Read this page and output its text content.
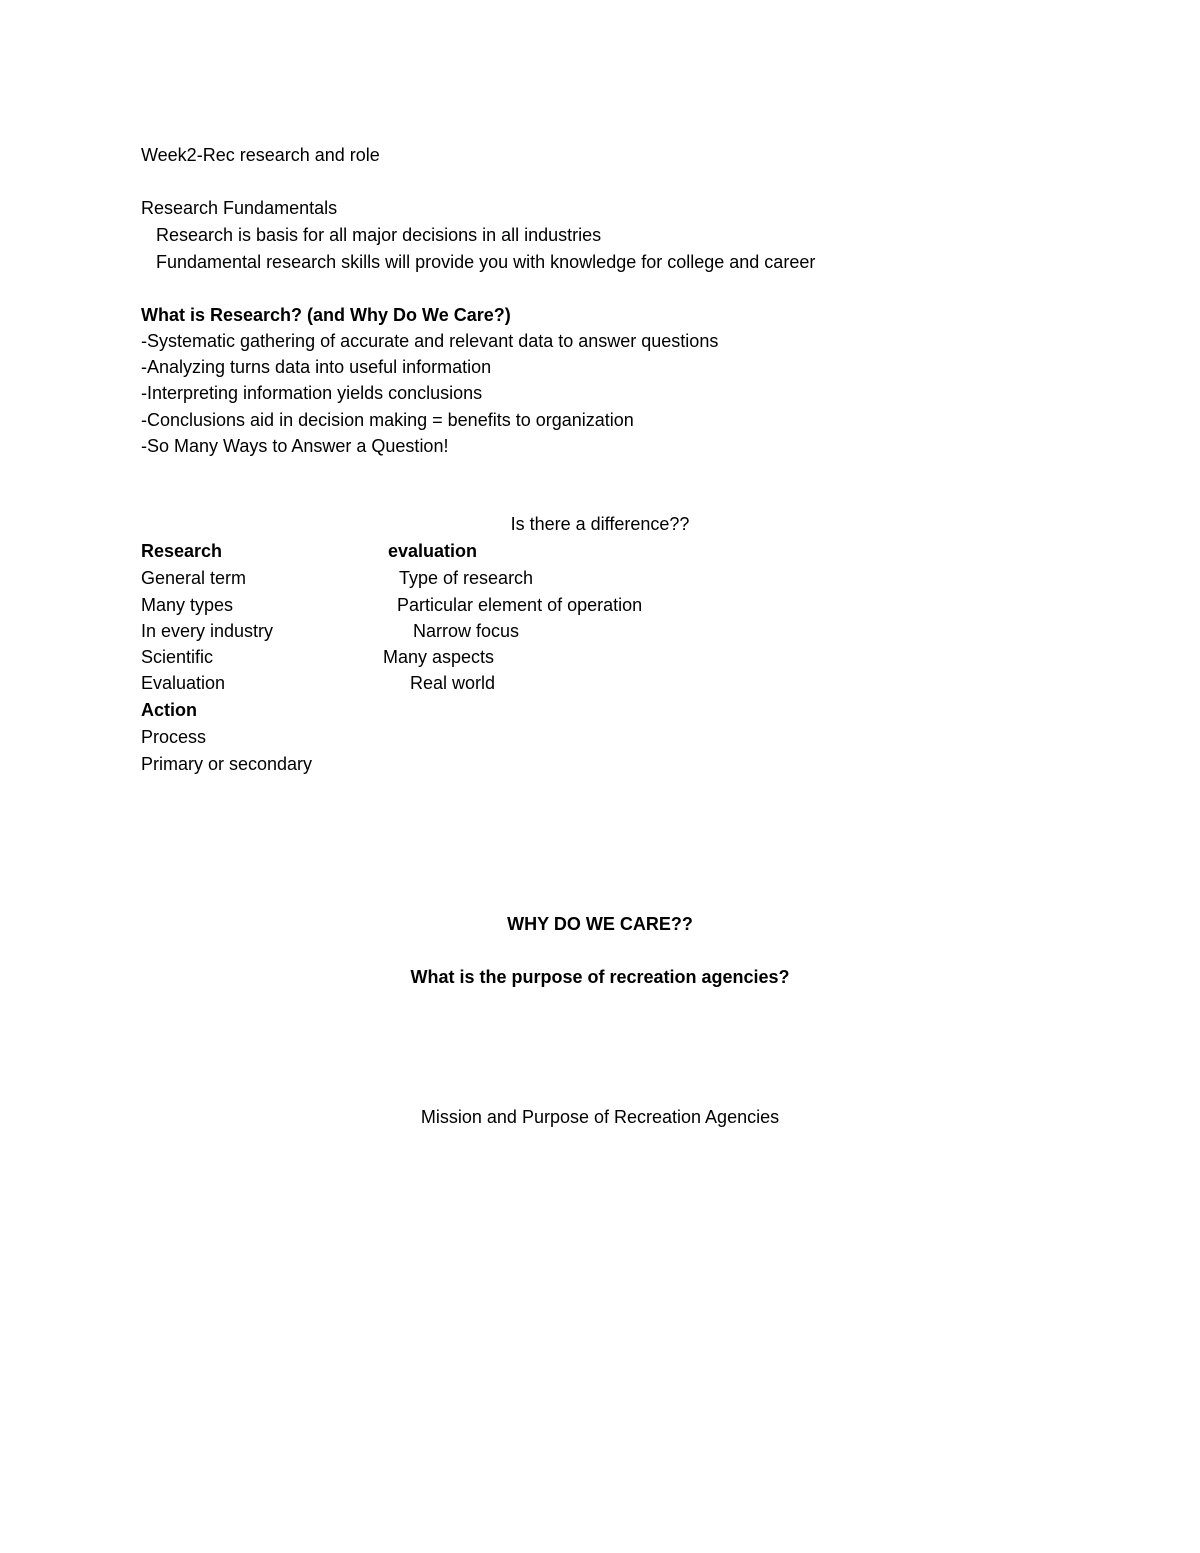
Week2-Rec research and role
Research Fundamentals
Research is basis for all major decisions in all industries
Fundamental research skills will provide you with knowledge for college and career
What is Research? (and Why Do We Care?)
-Systematic gathering of accurate and relevant data to answer questions
-Analyzing turns data into useful information
-Interpreting information yields conclusions
-Conclusions aid in decision making = benefits to organization
-So Many Ways to Answer a Question!
Is there a difference??
Research	evaluation
General term	Type of research
Many types	Particular element of operation
In every industry	Narrow focus
Scientific	Many aspects
Evaluation	Real world
Action
Process
Primary or secondary
WHY DO WE CARE??
What is the purpose of recreation agencies?
Mission and Purpose of Recreation Agencies
